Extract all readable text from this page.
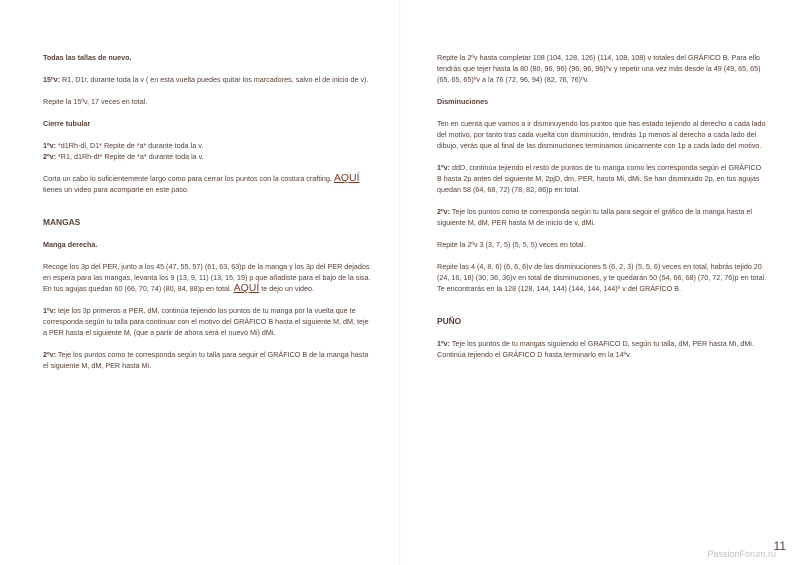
Todas las tallas de nuevo.

15ºv: R1, D1r, durante toda la v ( en esta vuelta puedes quitar los marcadores, salvo el de inicio de v).

Repite la 15ºv, 17 veces en total.

Cierre tubular

1ºv: *d1Rh-dl, D1* Repite de *a* durante toda la v.
2ºv: *R1, d1Rh-dt* Repite de *a* durante toda la v.

Corta un cabo lo suficientemente largo como para cerrar los puntos con la costura crafting. AQUÍ tienes un video para acomparte en este paso.

MANGAS

Manga derecha.

Recoge los 3p del PER, junto a los 45 (47, 55, 57) (61, 63, 63)p de la manga y los 3p del PER dejados en espera para las mangas, levanta los 9 (13, 9, 11) (13, 15, 19) p que añadiste para el bajo de la sisa. En tus agujas quedan 60 (66, 70, 74) (80, 84, 88)p en total. AQUÍ te dejo un video.

1ºv: teje los 3p primeros a PER, dM, continúa tejiendo los puntos de tu manga por la vuelta que te corresponda según tu talla para continuar con el motivo del GRÁFICO B hasta el siguiente M, dM, teje a PER hasta el siguiente M, (que a partir de ahora será el nuevo Mi) dMi.

2ºv: Teje los puntos como te corresponda según tu talla para seguir el GRÁFICO B de la manga hasta el siguiente M, dM, PER hasta Mi.

Repite la 2ºv hasta completar 108 (104, 128, 126) (114, 108, 108) v totales del GRÁFICO B. Para ello tendrás que tejer hasta la 80 (80, 96, 96) (96, 96, 96)ºv y repetir una vez más desde la 49 (49, 65, 65) (65, 65, 65)ºv a la 76 (72, 96, 94) (82, 76, 76)ºv.

Disminuciones

Ten en cuenta que vamos a ir disminuyendo los puntos que has estado tejiendo al derecho a cada lado del motivo, por tanto tras cada vuelta con disminución, tendrás 1p menos al derecho a cada lado del dibujo, verás que al final de las disminuciones terminamos únicamente con 1p a cada lado del motivo.

1ºv: ddD, continúa tejiendo el resto de puntos de tu manga como les corresponda según el GRÁFICO B hasta 2p antes del siguiente M, 2pjD, dm, PER, hasta Mi, dMi. Se han disminuido 2p, en tus agujas quedan 58 (64, 68, 72) (78, 82, 86)p en total.

2ºv: Teje los puntos como te corresponda según tu talla para seguir el gráfico de la manga hasta el siguiente M, dM, PER hasta M de inicio de v, dMi.

Repite la 2ºv 3 (3, 7, 5) (5, 5, 5) veces en total.

Repite las 4 (4, 8, 6) (6, 6, 6)v de las disminuciones 5 (6, 2, 3) (5, 5, 6) veces en total, habrás tejido 20 (24, 16, 18) (30, 36, 36)v en total de disminuciones, y te quedarán 50 (54, 66, 68) (70, 72, 76)p en total.

Te encontrarás en la 128 (128, 144, 144) (144, 144, 144)º v del GRÁFICO B.

PUÑO

1ºv: Teje los puntos de tu mangas siguiendo el GRAFICO D, según tu talla, dM, PER hasta Mi, dMi.

Continúa tejiendo el GRÁFICO D hasta terminarlo en la 14ºv.

PassionForum.ru
11
